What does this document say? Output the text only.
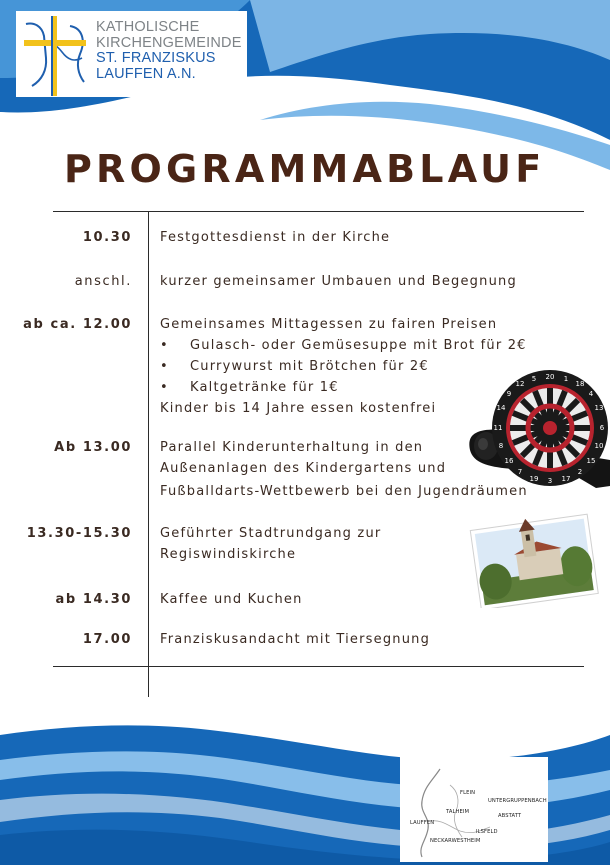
KATHOLISCHE
KIRCHENGEMEINDE
ST. FRANZISKUS
LAUFFEN A.N.
PROGRAMMABLAUF
10.30 Festgottesdienst in der Kirche
anschl. kurzer gemeinsamer Umbauen und Begegnung
ab ca. 12.00 Gemeinsames Mittagessen zu fairen Preisen
• Gulasch- oder Gemüsesuppe mit Brot für 2€
• Currywurst mit Brötchen für 2€
• Kaltgetränke für 1€
Kinder bis 14 Jahre essen kostenfrei
20 1
18
4
13
6
10
15
2
17
3
19
7
16
8
11
14
9
12
5
Ab 13.00 Parallel Kinderunterhaltung in den
Außenanlagen des Kindergartens und
Fußballdarts-Wettbewerb bei den Jugendräumen
13.30-15.30 Geführter Stadtrundgang zur
Regiswindiskirche
ab 14.30 Kaffee und Kuchen
17.00 Franziskusandacht mit Tiersegnung
FLEIN
UNTERGRUPPENBACH
TALHEIM
ABSTATT
LAUFFEN
ILSFELD
NECKARWESTHEIM
